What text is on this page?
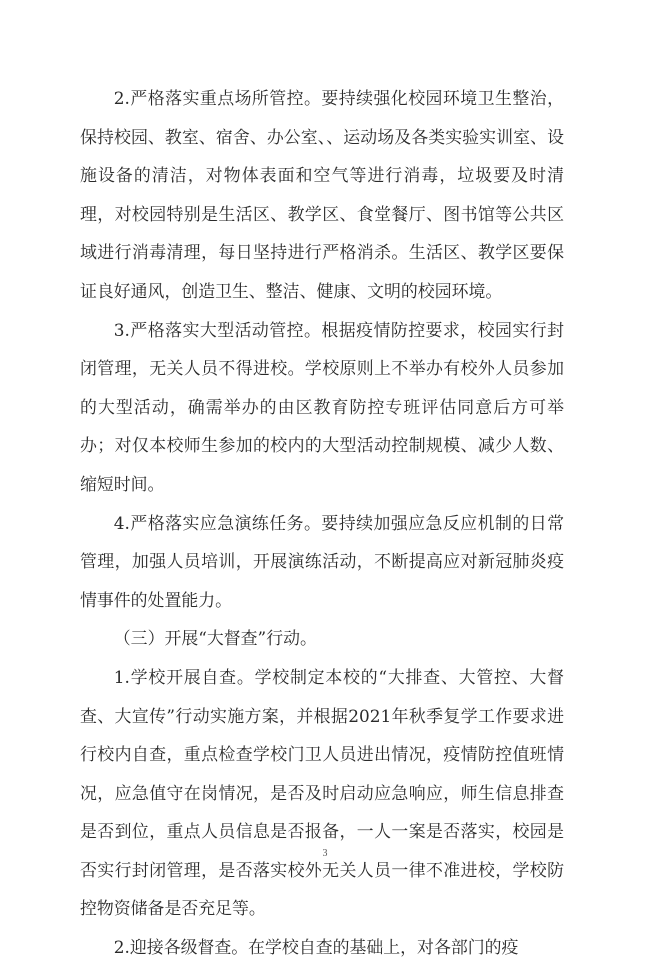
2.严格落实重点场所管控。要持续强化校园环境卫生整治，保持校园、教室、宿舍、办公室、、运动场及各类实验实训室、设施设备的清洁，对物体表面和空气等进行消毒，垃圾要及时清理，对校园特别是生活区、教学区、食堂餐厅、图书馆等公共区域进行消毒清理，每日坚持进行严格消杀。生活区、教学区要保证良好通风，创造卫生、整洁、健康、文明的校园环境。

3.严格落实大型活动管控。根据疫情防控要求，校园实行封闭管理，无关人员不得进校。学校原则上不举办有校外人员参加的大型活动，确需举办的由区教育防控专班评估同意后方可举办；对仅本校师生参加的校内的大型活动控制规模、减少人数、缩短时间。

4.严格落实应急演练任务。要持续加强应急反应机制的日常管理，加强人员培训，开展演练活动，不断提高应对新冠肺炎疫情事件的处置能力。

（三）开展“大督查”行动。

1.学校开展自查。学校制定本校的“大排查、大管控、大督查、大宣传”行动实施方案，并根据2021年秋季复学工作要求进行校内自查，重点检查学校门卫人员进出情况，疫情防控值班情况，应急值守在岗情况，是否及时启动应急响应，师生信息排查是否到位，重点人员信息是否报备，一人一案是否落实，校园是否实行封闭管理，是否落实校外无关人员一律不准进校，学校防控物资储备是否充足等。

2.迎接各级督查。在学校自查的基础上，对各部门的疫

3
